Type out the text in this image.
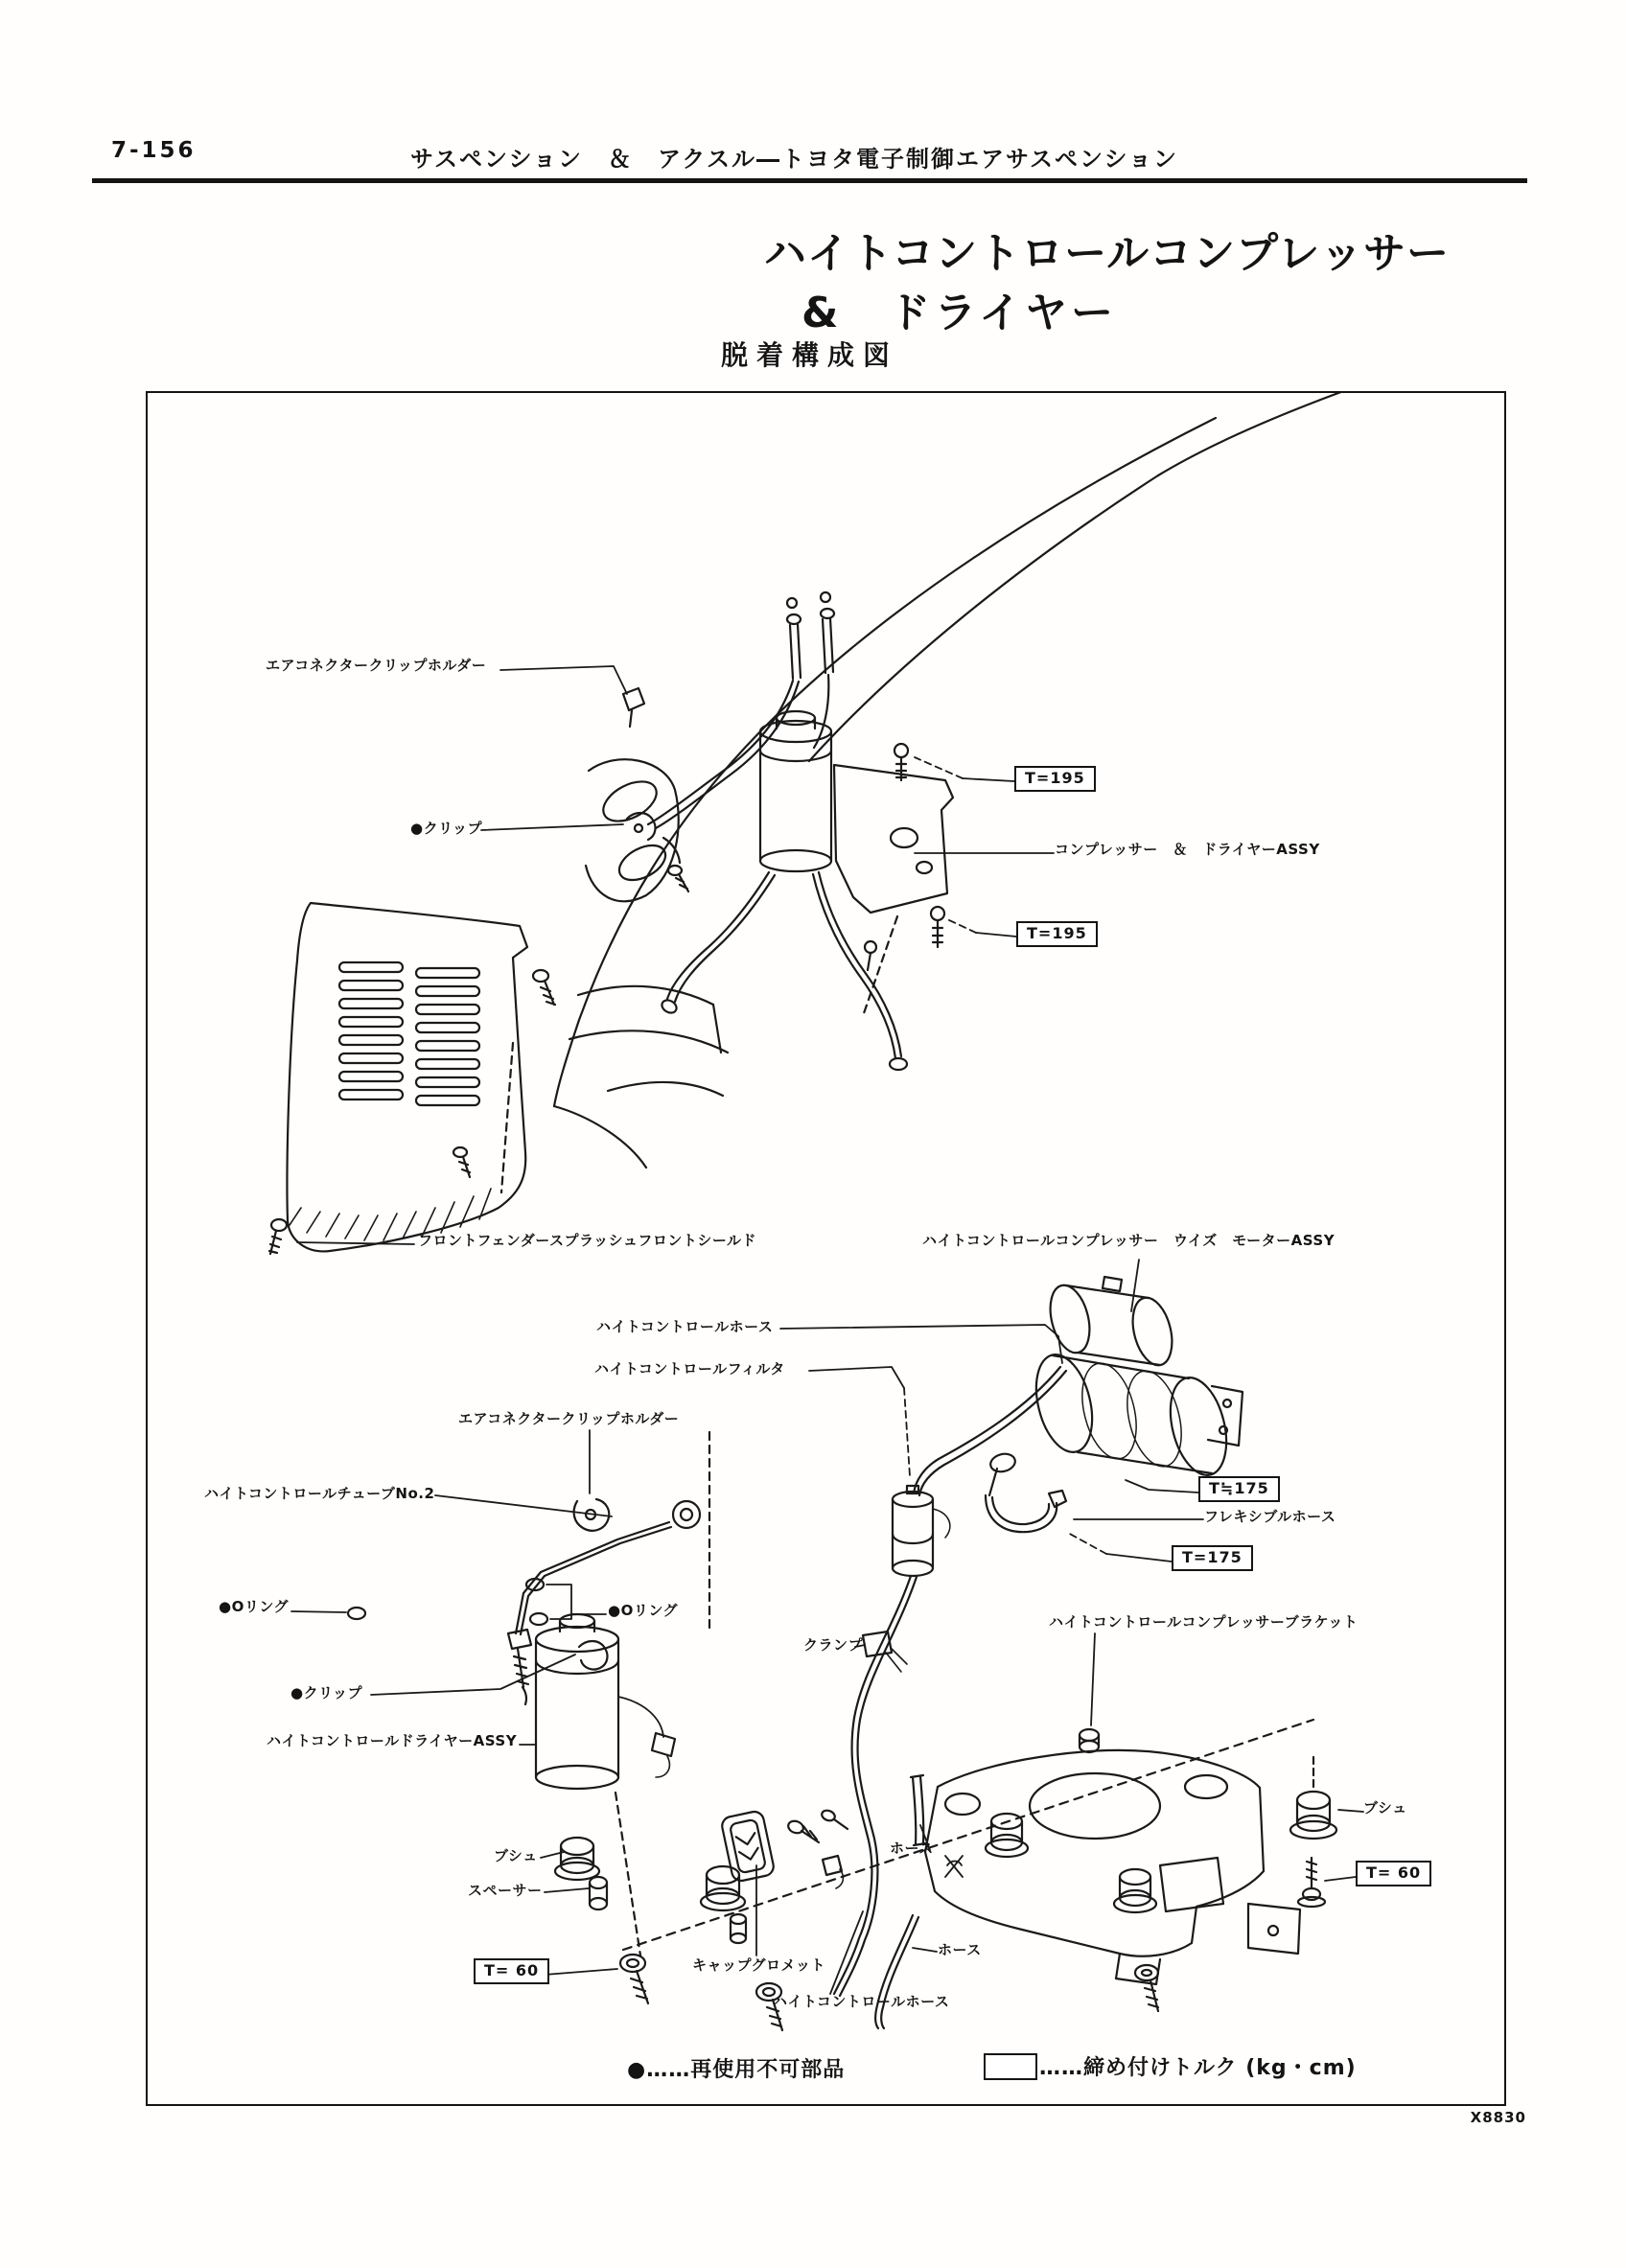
7-156	サスペンション　＆　アクスル―トヨタ電子制御エアサスペンション
ハイトコントロールコンプレッサー
&　ドライヤー
脱着構成図
エアコネクタークリップホルダー
●クリップ
T=195
コンプレッサー　＆　ドライヤーASSY
T=195
フロントフェンダースプラッシュフロントシールド	ハイトコントロールコンプレッサー　ウイズ　モーターASSY
ハイトコントロールホース
ハイトコントロールフィルタ
エアコネクタークリップホルダー
ハイトコントロールチューブNo.2	T≒175
フレキシブルホース
T=175
●Oリング	●Oリング
クランプ
ハイトコントロールコンプレッサーブラケット
●クリップ
ハイトコントロールドライヤーASSY
ブシュ
スペーサー
ブシュ
T= 60
T= 60	キャップグロメット
ホース
ホース
ハイトコントロールホース
●……再使用不可部品	……締め付けトルク (kg・cm)
X8830
